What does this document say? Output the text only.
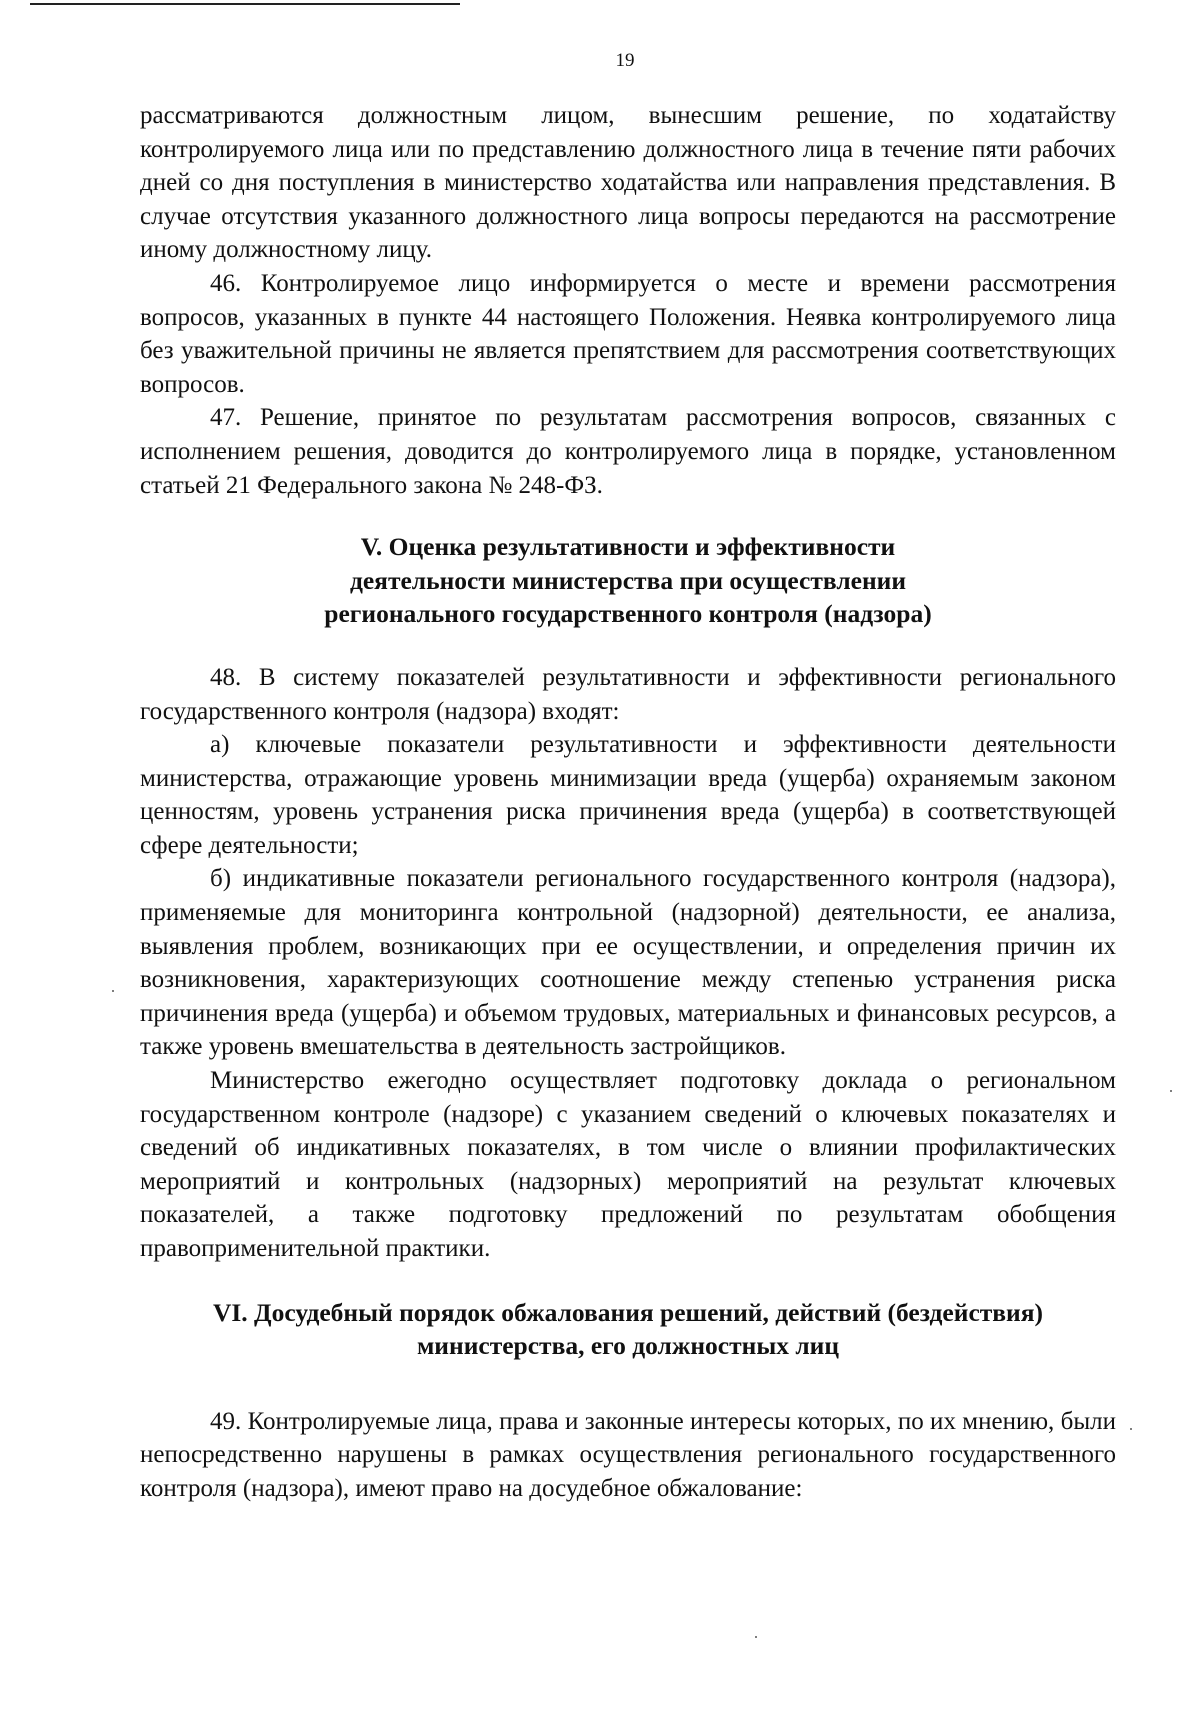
19

рассматриваются должностным лицом, вынесшим решение, по ходатайству контролируемого лица или по представлению должностного лица в течение пяти рабочих дней со дня поступления в министерство ходатайства или направления представления. В случае отсутствия указанного должностного лица вопросы передаются на рассмотрение иному должностному лицу.

46. Контролируемое лицо информируется о месте и времени рассмотрения вопросов, указанных в пункте 44 настоящего Положения. Неявка контролируемого лица без уважительной причины не является препятствием для рассмотрения соответствующих вопросов.

47. Решение, принятое по результатам рассмотрения вопросов, связанных с исполнением решения, доводится до контролируемого лица в порядке, установленном статьей 21 Федерального закона № 248-ФЗ.

V. Оценка результативности и эффективности
деятельности министерства при осуществлении
регионального государственного контроля (надзора)

48. В систему показателей результативности и эффективности регионального государственного контроля (надзора) входят:

а) ключевые показатели результативности и эффективности деятельности министерства, отражающие уровень минимизации вреда (ущерба) охраняемым законом ценностям, уровень устранения риска причинения вреда (ущерба) в соответствующей сфере деятельности;

б) индикативные показатели регионального государственного контроля (надзора), применяемые для мониторинга контрольной (надзорной) деятельности, ее анализа, выявления проблем, возникающих при ее осуществлении, и определения причин их возникновения, характеризующих соотношение между степенью устранения риска причинения вреда (ущерба) и объемом трудовых, материальных и финансовых ресурсов, а также уровень вмешательства в деятельность застройщиков.

Министерство ежегодно осуществляет подготовку доклада о региональном государственном контроле (надзоре) с указанием сведений о ключевых показателях и сведений об индикативных показателях, в том числе о влиянии профилактических мероприятий и контрольных (надзорных) мероприятий на результат ключевых показателей, а также подготовку предложений по результатам обобщения правоприменительной практики.

VI. Досудебный порядок обжалования решений, действий (бездействия)
министерства, его должностных лиц

49. Контролируемые лица, права и законные интересы которых, по их мнению, были непосредственно нарушены в рамках осуществления регионального государственного контроля (надзора), имеют право на досудебное обжалование:
